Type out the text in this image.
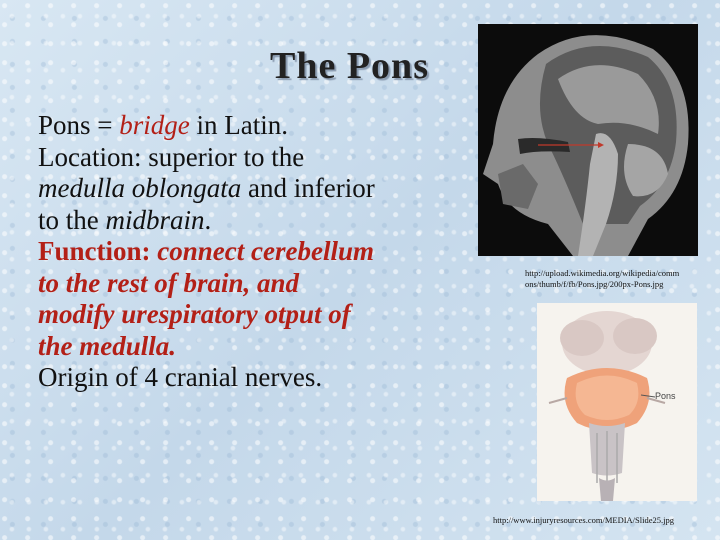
The Pons
Pons = bridge in Latin.
Location: superior to the
medulla oblongata and inferior
to the midbrain.
Function: connect cerebellum
to the rest of brain, and
modify urespiratory otput of
the medulla.
Origin of 4 cranial nerves.
http://upload.wikimedia.org/wikipedia/comm
ons/thumb/f/fb/Pons.jpg/200px-Pons.jpg
Pons
http://www.injuryresources.com/MEDIA/Slide25.jpg
